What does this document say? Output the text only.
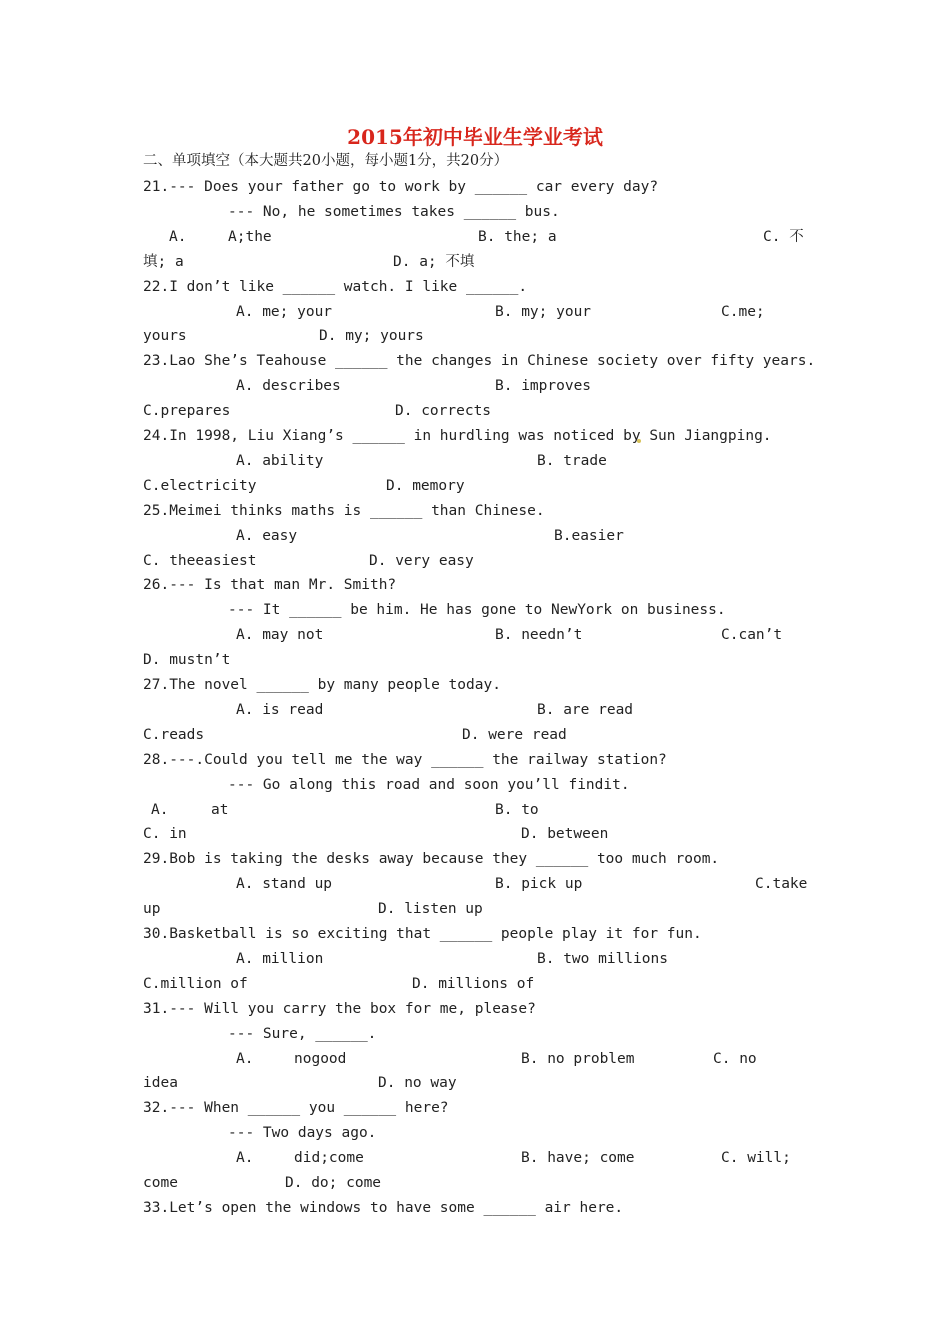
2015年初中毕业生学业考试
二、单项填空（本大题共20小题，每小题1分，共20分）
21.--- Does your father go to work by ______ car every day?
--- No, he sometimes takes ______ bus.
A.	A;the	B. the; a	C. 不
填; a	D. a; 不填
22.I don’t like ______ watch. I like ______.
A. me; your	B. my; your	C.me;
yours	D. my; yours
23.Lao She’s Teahouse ______ the changes in Chinese society over fifty years.
A. describes	B. improves
C.prepares	D. corrects
24.In 1998, Liu Xiang’s ______ in hurdling was noticed by Sun Jiangping.
A. ability	B. trade
C.electricity	D. memory
25.Meimei thinks maths is ______ than Chinese.
A. easy	B.easier
C. theeasiest	D. very easy
26.--- Is that man Mr. Smith?
--- It ______ be him. He has gone to NewYork on business.
A. may not	B. needn’t	C.can’t
D. mustn’t
27.The novel ______ by many people today.
A. is read	B. are read
C.reads	D. were read
28.---.Could you tell me the way ______ the railway station?
--- Go along this road and soon you’ll findit.
A.	at	B. to
C. in	D. between
29.Bob is taking the desks away because they ______ too much room.
A. stand up	B. pick up	C.take
up	D. listen up
30.Basketball is so exciting that ______ people play it for fun.
A. million	B. two millions
C.million of	D. millions of
31.--- Will you carry the box for me, please?
--- Sure, ______.
A.	nogood	B. no problem	C. no
idea	D. no way
32.--- When ______ you ______ here?
--- Two days ago.
A.	did;come	B. have; come	C. will;
come	D. do; come
33.Let’s open the windows to have some ______ air here.
